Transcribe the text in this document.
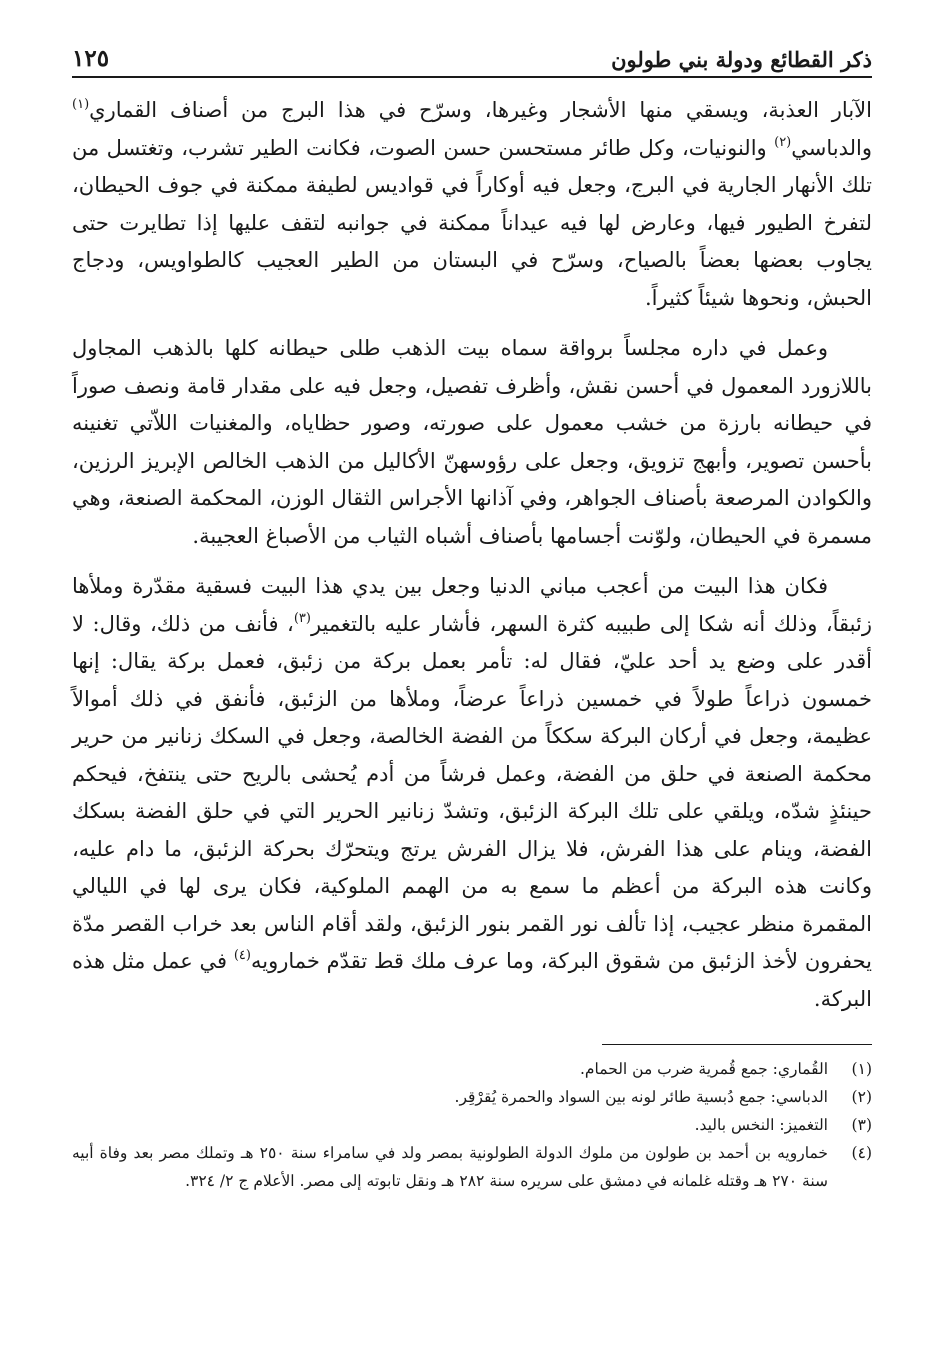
ذكر القطائع ودولة بني طولون
١٢٥

الآبار العذبة، ويسقي منها الأشجار وغيرها، وسرّح في هذا البرج من أصناف القماري$^{(١)}$ والدباسي$^{(٢)}$ والنونيات، وكل طائر مستحسن حسن الصوت، فكانت الطير تشرب، وتغتسل من تلك الأنهار الجارية في البرج، وجعل فيه أوكاراً في قواديس لطيفة ممكنة في جوف الحيطان، لتفرخ الطيور فيها، وعارض لها فيه عيداناً ممكنة في جوانبه لتقف عليها إذا تطايرت حتى يجاوب بعضها بعضاً بالصياح، وسرّح في البستان من الطير العجيب كالطواويس، ودجاج الحبش، ونحوها شيئاً كثيراً.

وعمل في داره مجلساً برواقة سماه بيت الذهب طلى حيطانه كلها بالذهب المجاول باللازورد المعمول في أحسن نقش، وأظرف تفصيل، وجعل فيه على مقدار قامة ونصف صوراً في حيطانه بارزة من خشب معمول على صورته، وصور حظاياه، والمغنيات اللاّتي تغنينه بأحسن تصوير، وأبهج تزويق، وجعل على رؤوسهنّ الأكاليل من الذهب الخالص الإبريز الرزين، والكوادن المرصعة بأصناف الجواهر، وفي آذانها الأجراس الثقال الوزن، المحكمة الصنعة، وهي مسمرة في الحيطان، ولوّنت أجسامها بأصناف أشباه الثياب من الأصباغ العجيبة.

فكان هذا البيت من أعجب مباني الدنيا وجعل بين يدي هذا البيت فسقية مقدّرة وملأها زئبقاً، وذلك أنه شكا إلى طبيبه كثرة السهر، فأشار عليه بالتغمير$^{(٣)}$، فأنف من ذلك، وقال: لا أقدر على وضع يد أحد عليّ، فقال له: تأمر بعمل بركة من زئبق، فعمل بركة يقال: إنها خمسون ذراعاً طولاً في خمسين ذراعاً عرضاً، وملأها من الزئبق، فأنفق في ذلك أموالاً عظيمة، وجعل في أركان البركة سككاً من الفضة الخالصة، وجعل في السكك زنانير من حرير محكمة الصنعة في حلق من الفضة، وعمل فرشاً من أدم يُحشى بالريح حتى ينتفخ، فيحكم حينئذٍ شدّه، ويلقي على تلك البركة الزئبق، وتشدّ زنانير الحرير التي في حلق الفضة بسكك الفضة، وينام على هذا الفرش، فلا يزال الفرش يرتج ويتحرّك بحركة الزئبق، ما دام عليه، وكانت هذه البركة من أعظم ما سمع به من الهمم الملوكية، فكان يرى لها في الليالي المقمرة منظر عجيب، إذا تألف نور القمر بنور الزئبق، ولقد أقام الناس بعد خراب القصر مدّة يحفرون لأخذ الزئبق من شقوق البركة، وما عرف ملك قط تقدّم خمارويه$^{(٤)}$ في عمل مثل هذه البركة.

(١)
القُماري: جمع قُمرية ضرب من الحمام.
(٢)
الدباسي: جمع دُبسية طائر لونه بين السواد والحمرة يُقرْقِر.
(٣)
التغميز: النخس باليد.
(٤)
خمارويه بن أحمد بن طولون من ملوك الدولة الطولونية بمصر ولد في سامراء سنة ٢٥٠ هـ وتملك مصر بعد وفاة أبيه سنة ٢٧٠ هـ وقتله غلمانه في دمشق على سريره سنة ٢٨٢ هـ ونقل تابوته إلى مصر. الأعلام ج ٢/ ٣٢٤.
